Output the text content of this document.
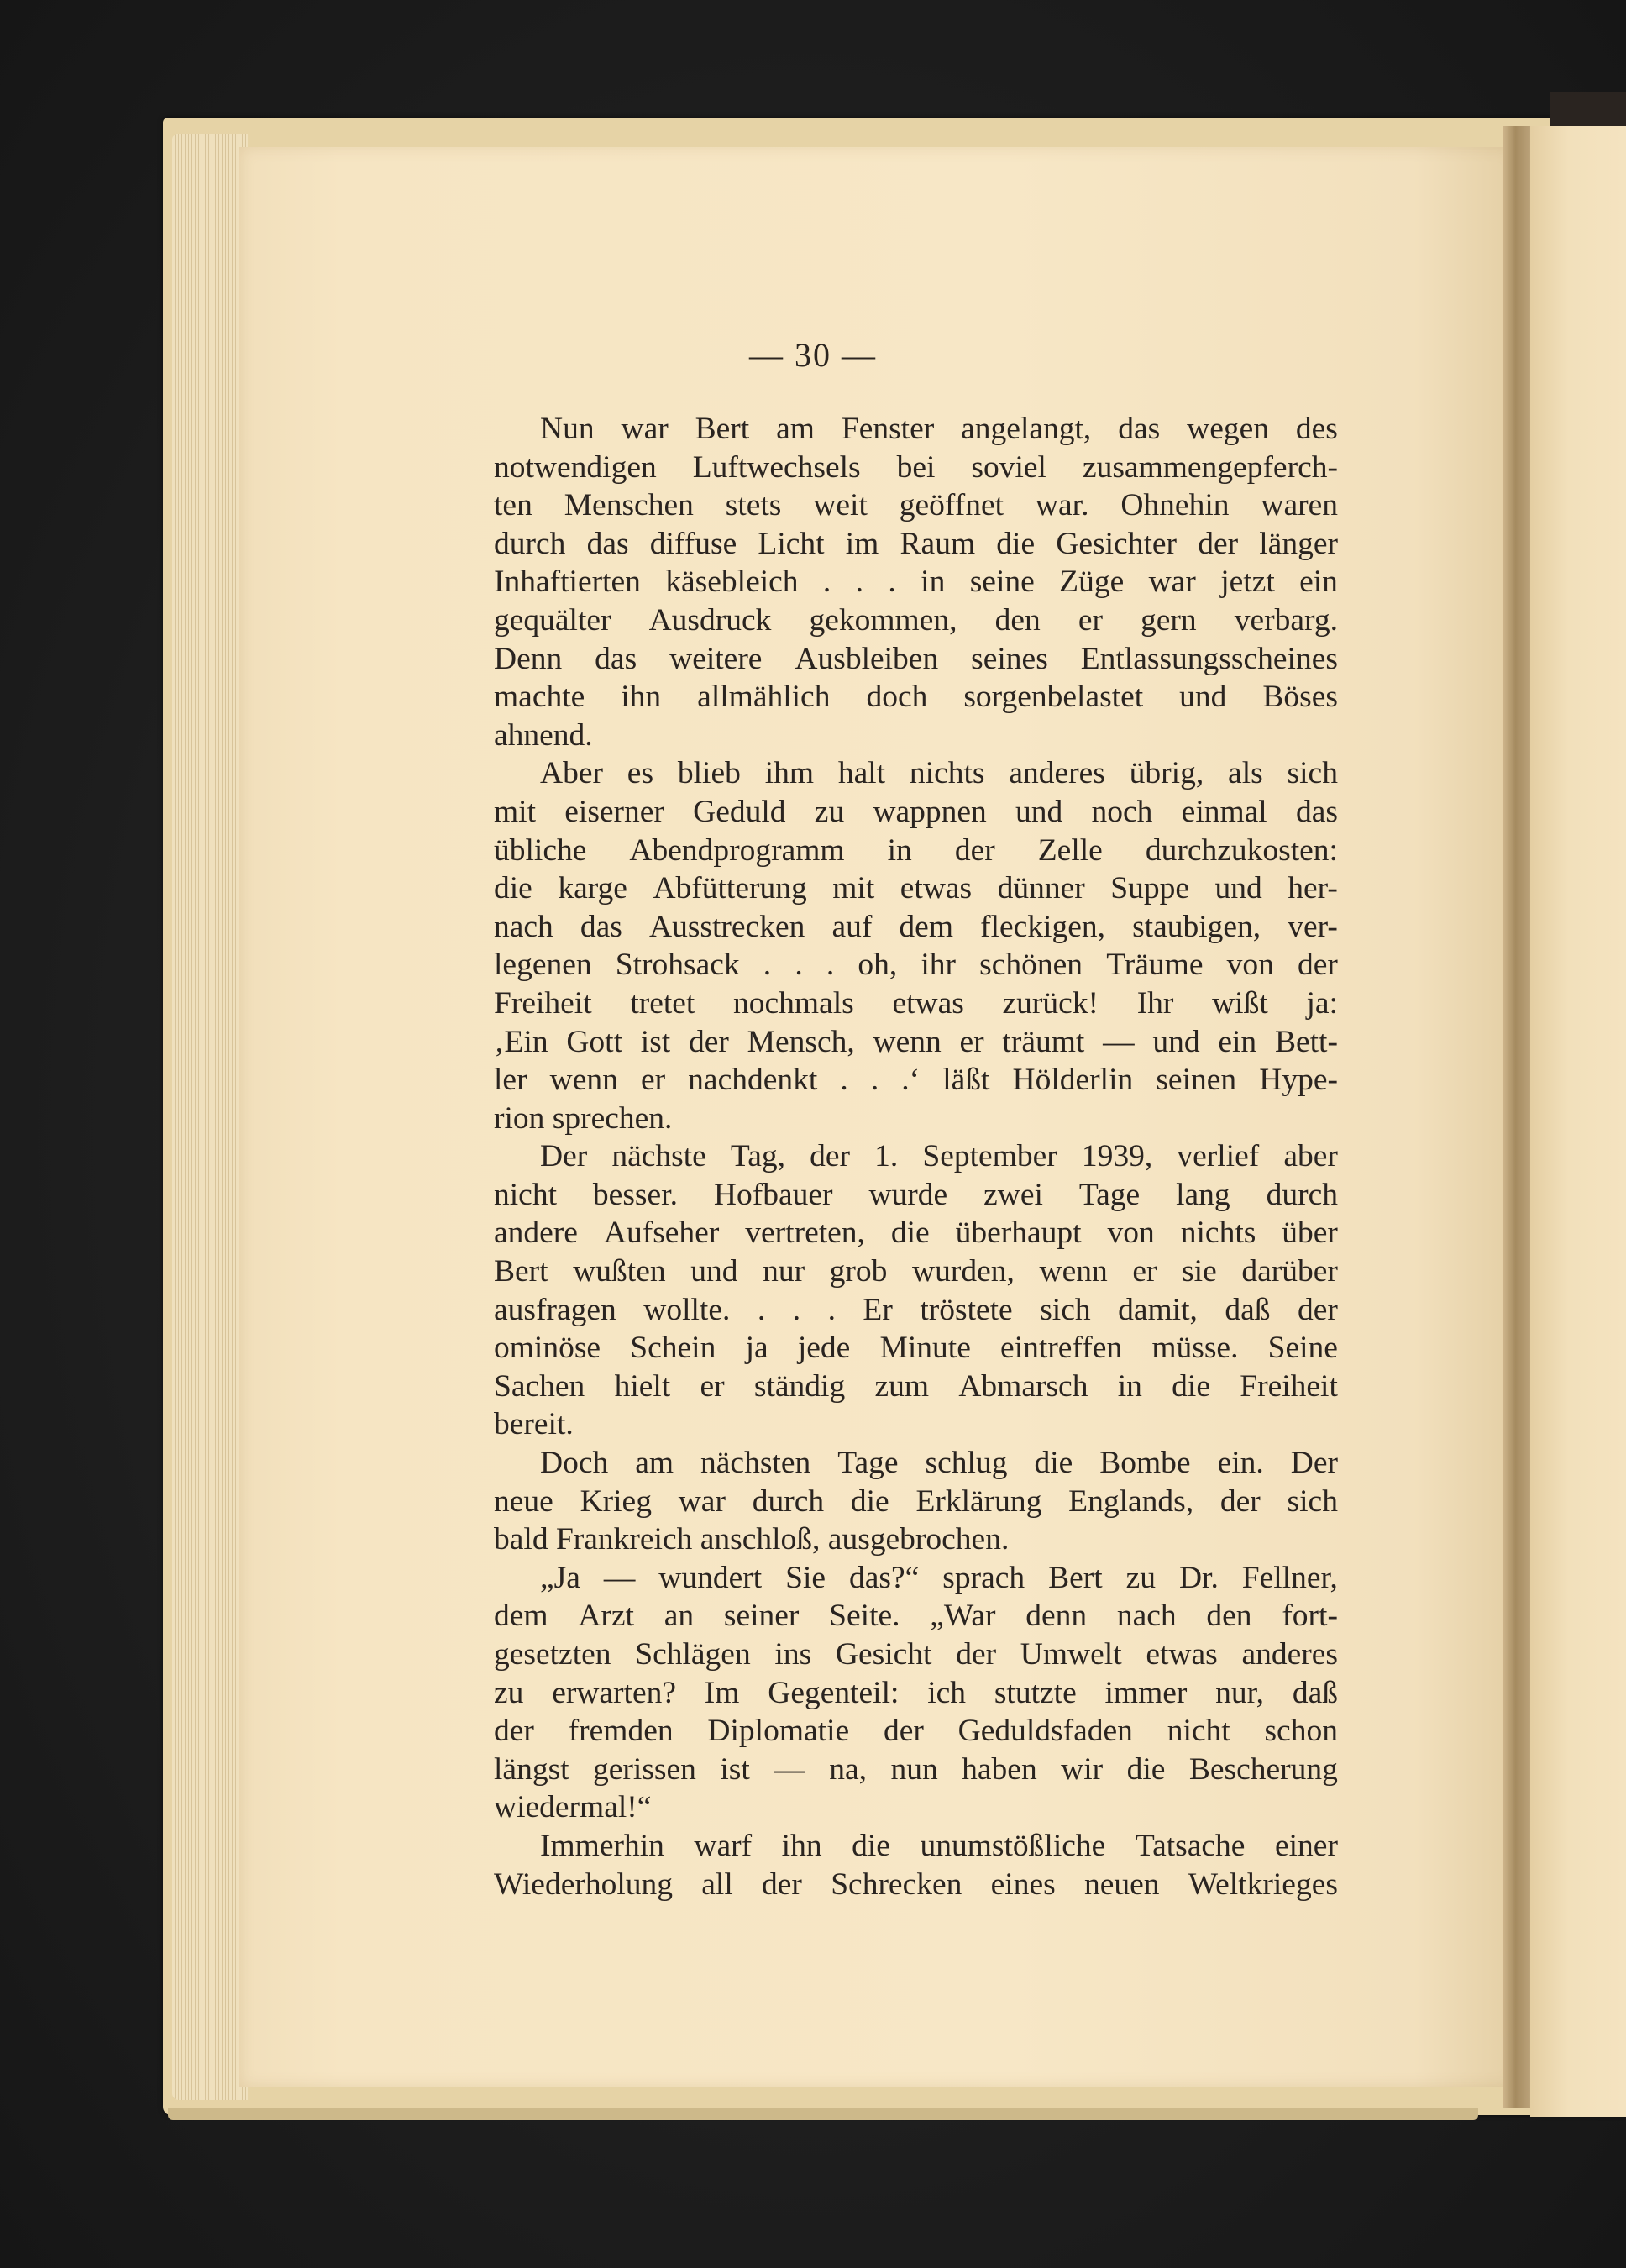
— 30 —
Nun war Bert am Fenster angelangt, das wegen des
notwendigen Luftwechsels bei soviel zusammengepferch-
ten Menschen stets weit geöffnet war. Ohnehin waren
durch das diffuse Licht im Raum die Gesichter der länger
Inhaftierten käsebleich . . . in seine Züge war jetzt ein
gequälter Ausdruck gekommen, den er gern verbarg.
Denn das weitere Ausbleiben seines Entlassungsscheines
machte ihn allmählich doch sorgenbelastet und Böses
ahnend.
Aber es blieb ihm halt nichts anderes übrig, als sich
mit eiserner Geduld zu wappnen und noch einmal das
übliche Abendprogramm in der Zelle durchzukosten:
die karge Abfütterung mit etwas dünner Suppe und her-
nach das Ausstrecken auf dem fleckigen, staubigen, ver-
legenen Strohsack . . . oh, ihr schönen Träume von der
Freiheit tretet nochmals etwas zurück! Ihr wißt ja:
‚Ein Gott ist der Mensch, wenn er träumt — und ein Bett-
ler wenn er nachdenkt . . .‘ läßt Hölderlin seinen Hype-
rion sprechen.
Der nächste Tag, der 1. September 1939, verlief aber
nicht besser. Hofbauer wurde zwei Tage lang durch
andere Aufseher vertreten, die überhaupt von nichts über
Bert wußten und nur grob wurden, wenn er sie darüber
ausfragen wollte. . . . Er tröstete sich damit, daß der
ominöse Schein ja jede Minute eintreffen müsse. Seine
Sachen hielt er ständig zum Abmarsch in die Freiheit
bereit.
Doch am nächsten Tage schlug die Bombe ein. Der
neue Krieg war durch die Erklärung Englands, der sich
bald Frankreich anschloß, ausgebrochen.
„Ja — wundert Sie das?“ sprach Bert zu Dr. Fellner,
dem Arzt an seiner Seite. „War denn nach den fort-
gesetzten Schlägen ins Gesicht der Umwelt etwas anderes
zu erwarten? Im Gegenteil: ich stutzte immer nur, daß
der fremden Diplomatie der Geduldsfaden nicht schon
längst gerissen ist — na, nun haben wir die Bescherung
wiedermal!“
Immerhin warf ihn die unumstößliche Tatsache einer
Wiederholung all der Schrecken eines neuen Weltkrieges
